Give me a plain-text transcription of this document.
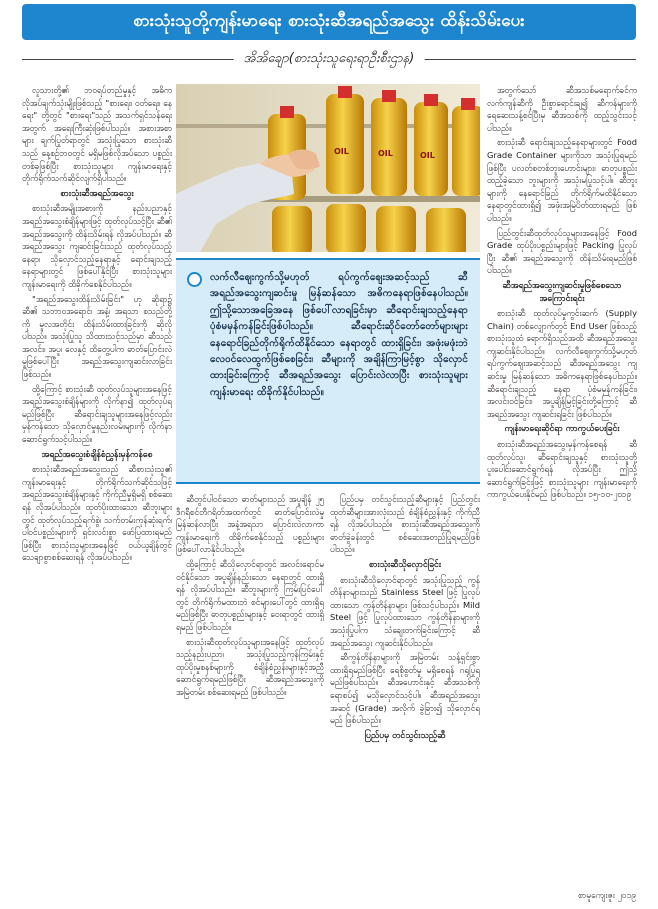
စားသုံးသူတို့ကျန်းမာရေး စားသုံးဆီအရည်အသွေး ထိန်းသိမ်းပေး
အိအိချော(စားသုံးသူရေးရာဦးစီးဌာန)

လူသားတို့၏ ဘဝရပ်တည်မှုနှင့် အဓိကလိုအပ်ချက်သုံးမျိုးဖြစ်သည့် "စားရေး၊ ဝတ်ရေး၊ နေရေး" တို့တွင် "စားရေး"သည် အသက်ရှင်သန်ရေးအတွက် အရေးကြီးဆုံးဖြစ်ပါသည်။ အစားအစာများ ချက်ပြုတ်ရာတွင် အသုံးပြုသော စားသုံးဆီသည် နေ့စဉ်ဘဝတွင် မရှိမဖြစ်လိုအပ်သော ပစ္စည်းတစ်ခုဖြစ်ပြီး စားသုံးသူများ ကျန်းမာရေးနှင့် တိုက်ရိုက်သက်ဆိုင်လျက်ရှိပါသည်။

စားသုံးဆီအရည်အသွေး

စားသုံးဆီအမျိုးအစားကို နည်းပညာနှင့် အရည်အသွေးစံချိန်များဖြင့် ထုတ်လုပ်သင့်ပြီး ဆီ၏ အရည်အသွေးကို ထိန်းသိမ်းရန် လိုအပ်ပါသည်။ ဆီအရည်အသွေး ကျဆင်းခြင်းသည် ထုတ်လုပ်သည့်နေရာ၊ သိုလှောင်သည့်နေရာနှင့် ရောင်းချသည့်နေရာများတွင် ဖြစ်ပေါ်နိုင်ပြီး စားသုံးသူများ ကျန်းမာရေးကို ထိခိုက်စေနိုင်ပါသည်။

"အရည်အသွေးထိန်းသိမ်းခြင်း" ဟု ဆိုရာ၌ ဆီ၏ သဘာဝအရောင်၊ အနံ့၊ အရသာ စသည်တို့ကို မူလအတိုင်း ထိန်းသိမ်းထားခြင်းကို ဆိုလိုပါသည်။ အသုံးပြုသူ သိထားသင့်သည်မှာ ဆီသည် အလင်း၊ အပူ၊ လေနှင့် ထိတွေ့ပါက ဓာတ်ပြောင်းလဲမှုဖြစ်ပေါ်ပြီး အရည်အသွေးကျဆင်းလာခြင်း ဖြစ်သည်။

ထို့ကြောင့် စားသုံးဆီ ထုတ်လုပ်သူများအနေဖြင့် အရည်အသွေးစံချိန်များကို လိုက်နာ၍ ထုတ်လုပ်ရမည်ဖြစ်ပြီး ဆီရောင်းချသူများအနေဖြင့်လည်း မှန်ကန်သော သိုလှောင်မှုနည်းလမ်းများကို လိုက်နာဆောင်ရွက်သင့်ပါသည်။

အရည်အသွေးစံချိန်စံညွှန်းမှန်ကန်စေ

စားသုံးဆီအရည်အသွေးသည် ဆီစားသုံးသူ၏ ကျန်းမာရေးနှင့် တိုက်ရိုက်သက်ဆိုင်သဖြင့် အရည်အသွေးစံချိန်များနှင့် ကိုက်ညီမှုရှိမရှိ စစ်ဆေးရန် လိုအပ်ပါသည်။ ထုတ်ပိုးထားသော ဆီဘူးများတွင် ထုတ်လုပ်သည့်ရက်စွဲ၊ သက်တမ်းကုန်ဆုံးရက်၊ ပါဝင်ပစ္စည်းများကို ရှင်းလင်းစွာ ဖော်ပြထားရမည်ဖြစ်ပြီး စားသုံးသူများအနေဖြင့် ဝယ်ယူချိန်တွင် သေချာစွာစစ်ဆေးရန် လိုအပ်ပါသည်။

OIL	OIL	OIL
လက်လီဈေးကွက်သို့မဟုတ် ရပ်ကွက်ဈေးအဆင့်သည် ဆီအရည်အသွေးကျဆင်းမှု မြန်ဆန်သော အဓိကနေရာဖြစ်နေပါသည်။ ဤသို့သောအခြေအနေ ဖြစ်ပေါ်လာရခြင်းမှာ ဆီရောင်းချသည့်နေရာ ပုံစံမမှန်ကန်ခြင်းဖြစ်ပါသည်။ ဆီရောင်းဆိုင်တော်တော်များများ နေရောင်ခြည်တိုက်ရိုက်ထိနိုင်သော နေရာတွင် ထားရှိခြင်း၊ အဖုံးမဖုံးဘဲ လေဝင်လေထွက်ဖြစ်စေခြင်း၊ ဆီများကို အချိန်ကြာမြင့်စွာ သိုလှောင်ထားခြင်းကြောင့် ဆီအရည်အသွေး ပြောင်းလဲလာပြီး စားသုံးသူများ ကျန်းမာရေး ထိခိုက်နိုင်ပါသည်။

ဆီတွင်ပါဝင်သော ဓာတ်များသည် အပူချိန် ၂၅ ဒီဂရီစင်တီဂရိတ်အထက်တွင် ဓာတ်ပြောင်းလဲမှု မြန်ဆန်လာပြီး အနံ့အရသာ ပြောင်းလဲလာကာ ကျန်းမာရေးကို ထိခိုက်စေနိုင်သည့် ပစ္စည်းများ ဖြစ်ပေါ်လာနိုင်ပါသည်။

ထို့ကြောင့် ဆီသိုလှောင်ရာတွင် အလင်းရောင်မဝင်နိုင်သော အပူချိန်နည်းသော နေရာတွင် ထားရှိရန် လိုအပ်ပါသည်။ ဆီဘူးများကို ကြမ်းပြင်ပေါ်တွင် တိုက်ရိုက်မထားဘဲ စင်များပေါ်တွင် ထားရှိရမည်ဖြစ်ပြီး ဓာတုပစ္စည်းများနှင့် ဝေးရာတွင် ထားရှိရမည် ဖြစ်ပါသည်။

စားသုံးဆီထုတ်လုပ်သူများအနေဖြင့် ထုတ်လုပ်သည့်နည်းပညာ၊ အသုံးပြုသည့်ကုန်ကြမ်းနှင့် ထုပ်ပိုးမှုစနစ်များကို စံချိန်စံညွှန်းများနှင့်အညီ ဆောင်ရွက်ရမည်ဖြစ်ပြီး ဆီအရည်အသွေးကို အမြဲတမ်း စစ်ဆေးရမည် ဖြစ်ပါသည်။

ပြည်ပမှ တင်သွင်းသည့်ဆီများနှင့် ပြည်တွင်းထုတ်ဆီများအားလုံးသည် စံချိန်စံညွှန်းနှင့် ကိုက်ညီရန် လိုအပ်ပါသည်။ စားသုံးဆီအရည်အသွေးကို ဓာတ်ခွဲခန်းတွင် စစ်ဆေးအတည်ပြုရမည်ဖြစ်ပါသည်။

စားသုံးဆီသိုလှောင်ခြင်း

စားသုံးဆီသိုလှောင်ရာတွင် အသုံးပြုသည့် ကွန်တိန်နာများသည် Stainless Steel ဖြင့် ပြုလုပ်ထားသော ကွန်တိန်နာများ ဖြစ်သင့်ပါသည်။ Mild Steel ဖြင့် ပြုလုပ်ထားသော ကွန်တိန်နာများကို အသုံးပြုပါက သံချေးတက်ခြင်းကြောင့် ဆီအရည်အသွေး ကျဆင်းနိုင်ပါသည်။

ဆီကွန်တိန်နာများကို အမြဲတမ်း သန့်ရှင်းစွာ ထားရှိရမည်ဖြစ်ပြီး ရေစိုစွတ်မှု မရှိစေရန် ဂရုပြုရမည်ဖြစ်ပါသည်။ ဆီအဟောင်းနှင့် ဆီအသစ်ကို ရောစပ်၍ မသိုလှောင်သင့်ပါ။ ဆီအရည်အသွေးအဆင့် (Grade) အလိုက် ခွဲခြား၍ သိုလှောင်ရမည် ဖြစ်ပါသည်။

ပြည်ပမှ တင်သွင်းသည့်ဆီ

အတွက်သော် ဆီအသစ်မရောက်ခင်က လက်ကျန်ဆီကို ဦးစွာရောင်းချ၍ ဆီကန်များကို ရေဆေးသန့်စင်ပြီးမှ ဆီအသစ်ကို ထည့်သွင်းသင့်ပါသည်။

စားသုံးဆီ ရောင်းချသည့်နေရာများတွင် Food Grade Container များကိုသာ အသုံးပြုရမည်ဖြစ်ပြီး ပလတ်စတစ်ဘူးဟောင်းများ၊ ဓာတုပစ္စည်းထည့်ခဲ့သော ဘူးများကို အသုံးမပြုသင့်ပါ။ ဆီဘူးများကို နေရောင်ခြည် တိုက်ရိုက်မထိနိုင်သော နေရာတွင်ထားရှိ၍ အဖုံးအမြဲပိတ်ထားရမည် ဖြစ်ပါသည်။

ပြည်တွင်းဆီထုတ်လုပ်သူများအနေဖြင့် Food Grade ထုပ်ပိုးပစ္စည်းများဖြင့် Packing ပြုလုပ်ပြီး ဆီ၏ အရည်အသွေးကို ထိန်းသိမ်းရမည်ဖြစ်ပါသည်။

ဆီအရည်အသွေးကျဆင်းမှုဖြစ်စေသော အကြောင်းရင်း

စားသုံးဆီ ထုတ်လုပ်မှုကွင်းဆက် (Supply Chain) တစ်လျှောက်တွင် End User ဖြစ်သည့် စားသုံးသူထံ ရောက်ရှိသည်အထိ ဆီအရည်အသွေး ကျဆင်းနိုင်ပါသည်။ လက်လီဈေးကွက်သို့မဟုတ် ရပ်ကွက်ဈေးအဆင့်သည် ဆီအရည်အသွေး ကျဆင်းမှု မြန်ဆန်သော အဓိကနေရာဖြစ်နေပါသည်။ ဆီရောင်းချသည့် နေရာ ပုံစံမမှန်ကန်ခြင်း၊ အလင်းဝင်ခြင်း၊ အပူချိန်မြင့်ခြင်းတို့ကြောင့် ဆီအရည်အသွေး ကျဆင်းရခြင်း ဖြစ်ပါသည်။

ကျန်းမာရေးဆိုင်ရာ ကာကွယ်ပေးခြင်း

စားသုံးဆီအရည်အသွေးမှန်ကန်စေရန် ဆီထုတ်လုပ်သူ၊ ဆီရောင်းချသူနှင့် စားသုံးသူတို့ ပူးပေါင်းဆောင်ရွက်ရန် လိုအပ်ပြီး ဤသို့ ဆောင်ရွက်ခြင်းဖြင့် စားသုံးသူများ ကျန်းမာရေးကို ကာကွယ်ပေးနိုင်မည် ဖြစ်ပါသည်။ ၁၅-၁၀-၂၀၁၉

စာမူကျေးဇူး ၂၀၁၉
